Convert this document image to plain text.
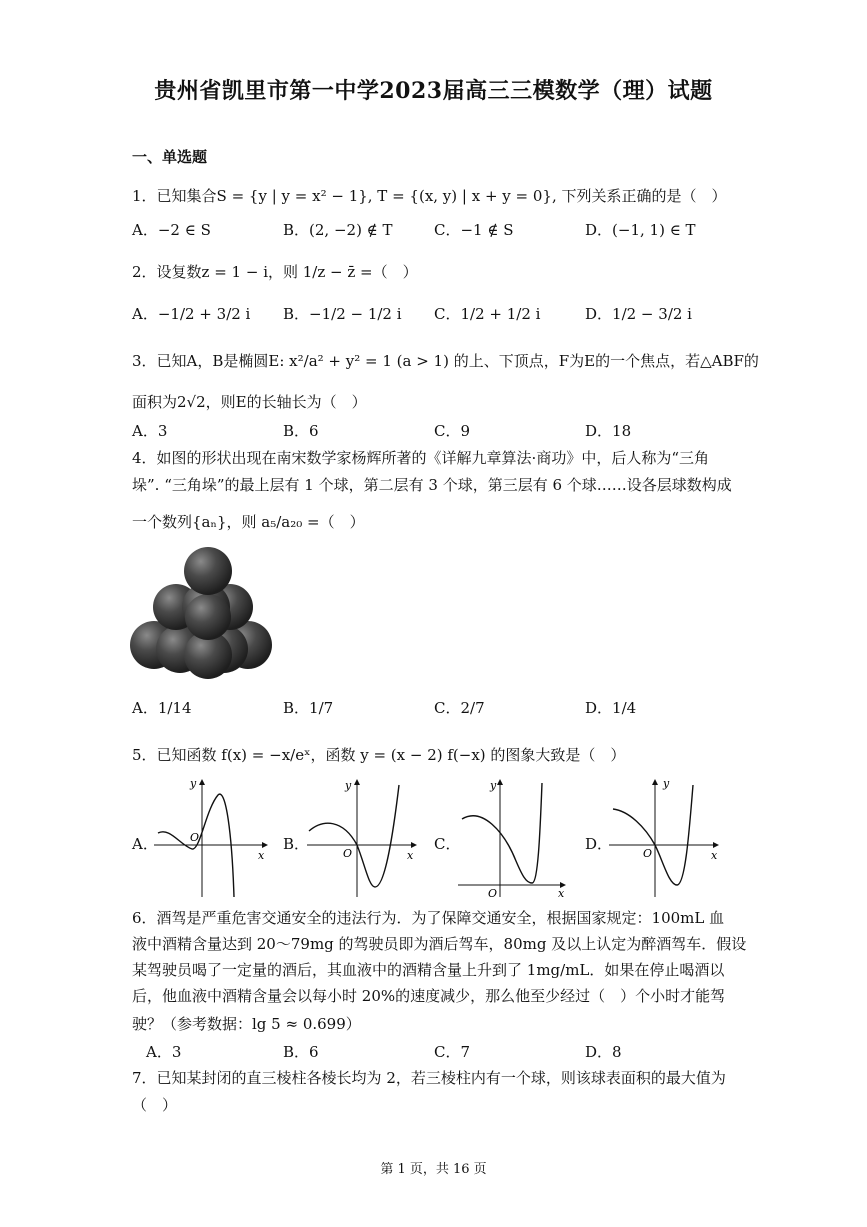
贵州省凯里市第一中学2023届高三三模数学（理）试题
一、单选题
1．已知集合S = {y | y = x² − 1}, T = {(x, y) | x + y = 0}, 下列关系正确的是（　）
A．−2 ∈ S	B．(2, −2) ∉ T	C．−1 ∉ S	D．(−1, 1) ∈ T
2．设复数z = 1 − i，则 1/z − z̄ =（　）
A．−1/2 + 3/2 i B．−1/2 − 1/2 i C．1/2 + 1/2 i	D．1/2 − 3/2 i
3．已知A，B是椭圆E: x²/a² + y² = 1 (a > 1) 的上、下顶点，F为E的一个焦点，若△ABF的
面积为2√2，则E的长轴长为（　）
A．3	B．6	C．9	D．18
4．如图的形状出现在南宋数学家杨辉所著的《详解九章算法·商功》中，后人称为“三角
垛”. “三角垛”的最上层有 1 个球，第二层有 3 个球，第三层有 6 个球……设各层球数构成
一个数列{aₙ}，则 a₅/a₂₀ =（　）
A．1/14	B．1/7	C．2/7	D．1/4
5．已知函数 f(x) = −x/eˣ，函数 y = (x − 2) f(−x) 的图象大致是（　）
A．
x
y
O	B．
x
y
O
C．
x
y
O
D．
x
y
O
6．酒驾是严重危害交通安全的违法行为．为了保障交通安全，根据国家规定：100mL 血
液中酒精含量达到 20～79mg 的驾驶员即为酒后驾车，80mg 及以上认定为醉酒驾车．假设
某驾驶员喝了一定量的酒后，其血液中的酒精含量上升到了 1mg/mL．如果在停止喝酒以
后，他血液中酒精含量会以每小时 20%的速度减少，那么他至少经过（　）个小时才能驾
驶？（参考数据：lg 5 ≈ 0.699）
A．3	B．6	C．7	D．8
7．已知某封闭的直三棱柱各棱长均为 2，若三棱柱内有一个球，则该球表面积的最大值为
（　）
第 1 页，共 16 页
